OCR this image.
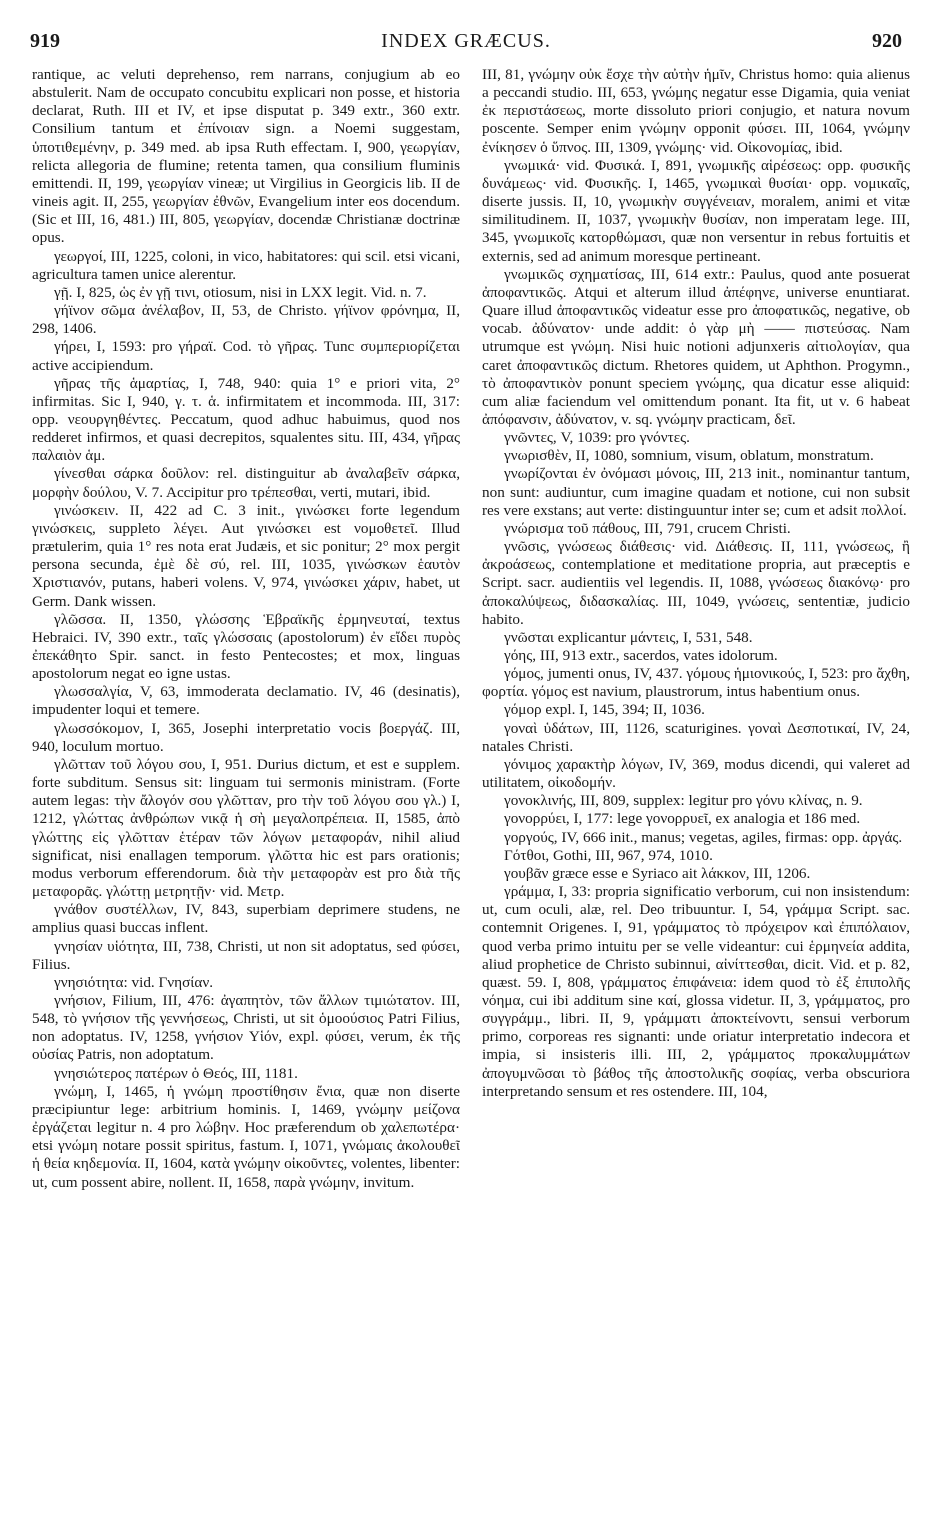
919	INDEX GRÆCUS.	920

rantique, ac veluti deprehenso, rem narrans, conjugium ab eo abstulerit. Nam de occupato concubitu explicari non posse, et historia declarat, Ruth. III et IV, et ipse disputat p. 349 extr., 360 extr. Consilium tantum et ἐπίνοιαν sign. a Noemi suggestam, ὑποτιθεμένην, p. 349 med. ab ipsa Ruth effectam. I, 900, γεωργίαν, relicta allegoria de flumine; retenta tamen, qua consilium fluminis emittendi. II, 199, γεωργίαν vineæ; ut Virgilius in Georgicis lib. II de vineis agit. II, 255, γεωργίαν ἐθνῶν, Evangelium inter eos docendum. (Sic et III, 16, 481.) III, 805, γεωργίαν, docendæ Christianæ doctrinæ opus.

γεωργοί, III, 1225, coloni, in vico, habitatores: qui scil. etsi vicani, agricultura tamen unice alerentur.

γῇ. I, 825, ὡς ἐν γῇ τινι, otiosum, nisi in LXX legit. Vid. n. 7.

γήϊνον σῶμα ἀνέλαβον, II, 53, de Christo. γήϊνον φρόνημα, II, 298, 1406.

γήρει, I, 1593: pro γήραϊ. Cod. τὸ γῆρας. Tunc συμπεριορίζεται active accipiendum.

γῆρας τῆς ἁμαρτίας, I, 748, 940: quia 1° e priori vita, 2° infirmitas. Sic I, 940, γ. τ. ἁ. infirmitatem et incommoda. III, 317: opp. νεουργηθέντες. Peccatum, quod adhuc habuimus, quod nos redderet infirmos, et quasi decrepitos, squalentes situ. III, 434, γῆρας παλαιὸν ἁμ.

γίνεσθαι σάρκα δοῦλον: rel. distinguitur ab ἀναλαβεῖν σάρκα, μορφὴν δούλου, V. 7. Accipitur pro τρέπεσθαι, verti, mutari, ibid.

γινώσκειν. II, 422 ad C. 3 init., γινώσκει forte legendum γινώσκεις, suppleto λέγει. Aut γινώσκει est νομοθετεῖ. Illud prætulerim, quia 1° res nota erat Judæis, et sic ponitur; 2° mox pergit persona secunda, ἐμὲ δὲ σύ, rel. III, 1035, γινώσκων ἑαυτὸν Χριστιανόν, putans, haberi volens. V, 974, γινώσκει χάριν, habet, ut Germ. Dank wissen.

γλῶσσα. II, 1350, γλώσσης Ἑβραϊκῆς ἑρμηνευταί, textus Hebraici. IV, 390 extr., ταῖς γλώσσαις (apostolorum) ἐν εἴδει πυρὸς ἐπεκάθητο Spir. sanct. in festo Pentecostes; et mox, linguas apostolorum negat eo igne ustas.

γλωσσαλγία, V, 63, immoderata declamatio. IV, 46 (desinatis), impudenter loqui et temere.

γλωσσόκομον, I, 365, Josephi interpretatio vocis βοεργάζ. III, 940, loculum mortuo.

γλῶτταν τοῦ λόγου σου, I, 951. Durius dictum, et est e supplem. forte subditum. Sensus sit: linguam tui sermonis ministram. (Forte autem legas: τὴν ἄλογόν σου γλῶτταν, pro τὴν τοῦ λόγου σου γλ.) I, 1212, γλώττας ἀνθρώπων νικᾷ ἡ σὴ μεγαλοπρέπεια. II, 1585, ἀπὸ γλώττης εἰς γλῶτταν ἑτέραν τῶν λόγων μεταφοράν, nihil aliud significat, nisi enallagen temporum. γλῶττα hic est pars orationis; modus verborum efferendorum. διὰ τὴν μεταφορὰν est pro διὰ τῆς μεταφορᾶς. γλώττῃ μετρητῇν· vid. Μετρ.

γνάθον συστέλλων, IV, 843, superbiam deprimere studens, ne amplius quasi buccas inflent.

γνησίαν υἱότητα, III, 738, Christi, ut non sit adoptatus, sed φύσει, Filius.

γνησιότητα: vid. Γνησίαν.

γνήσιον, Filium, III, 476: ἀγαπητὸν, τῶν ἄλλων τιμιώτατον. III, 548, τὸ γνήσιον τῆς γεννήσεως, Christi, ut sit ὁμοούσιος Patri Filius, non adoptatus. IV, 1258, γνήσιον Υἱόν, expl. φύσει, verum, ἐκ τῆς οὐσίας Patris, non adoptatum.

γνησιώτερος πατέρων ὁ Θεός, III, 1181.

γνώμη, I, 1465, ἡ γνώμη προστίθησιν ἔνια, quæ non diserte præcipiuntur lege: arbitrium hominis. I, 1469, γνώμην μείζονα ἐργάζεται legitur n. 4 pro λώβην. Hoc præferendum ob χαλεπωτέρα· etsi γνώμη notare possit spiritus, fastum. I, 1071, γνώμαις ἀκολουθεῖ ἡ θεία κηδεμονία. II, 1604, κατὰ γνώμην οἰκοῦντες, volentes, libenter: ut, cum possent abire, nollent. II, 1658, παρὰ γνώμην, invitum.

III, 81, γνώμην οὐκ ἔσχε τὴν αὐτὴν ἡμῖν, Christus homo: quia alienus a peccandi studio. III, 653, γνώμης negatur esse Digamia, quia veniat ἐκ περιστάσεως, morte dissoluto priori conjugio, et natura novum poscente. Semper enim γνώμην opponit φύσει. III, 1064, γνώμην ἐνίκησεν ὁ ὕπνος. III, 1309, γνώμης· vid. Οἰκονομίας, ibid.

γνωμικά· vid. Φυσικά. I, 891, γνωμικῆς αἱρέσεως: opp. φυσικῆς δυνάμεως· vid. Φυσικῆς. I, 1465, γνωμικαὶ θυσίαι· opp. νομικαῖς, diserte jussis. II, 10, γνωμικὴν συγγένειαν, moralem, animi et vitæ similitudinem. II, 1037, γνωμικὴν θυσίαν, non imperatam lege. III, 345, γνωμικοῖς κατορθώμασι, quæ non versentur in rebus fortuitis et externis, sed ad animum moresque pertineant.

γνωμικῶς σχηματίσας, III, 614 extr.: Paulus, quod ante posuerat ἀποφαντικῶς. Atqui et alterum illud ἀπέφηνε, universe enuntiarat. Quare illud ἀποφαντικῶς videatur esse pro ἀποφατικῶς, negative, ob vocab. ἀδύνατον· unde addit: ὁ γὰρ μὴ —— πιστεύσας. Nam utrumque est γνώμη. Nisi huic notioni adjunxeris αἰτιολογίαν, qua caret ἀποφαντικῶς dictum. Rhetores quidem, ut Aphthon. Progymn., τὸ ἀποφαντικὸν ponunt speciem γνώμης, qua dicatur esse aliquid: cum aliæ faciendum vel omittendum ponant. Ita fit, ut v. 6 habeat ἀπόφανσιν, ἀδύνατον, v. sq. γνώμην practicam, δεῖ.

γνῶντες, V, 1039: pro γνόντες.

γνωρισθὲν, II, 1080, somnium, visum, oblatum, monstratum.

γνωρίζονται ἐν ὀνόμασι μόνοις, III, 213 init., nominantur tantum, non sunt: audiuntur, cum imagine quadam et notione, cui non subsit res vere exstans; aut verte: distinguuntur inter se; cum et adsit πολλοί.

γνώρισμα τοῦ πάθους, III, 791, crucem Christi.

γνῶσις, γνώσεως διάθεσις· vid. Διάθεσις. II, 111, γνώσεως, ἢ ἀκροάσεως, contemplatione et meditatione propria, aut præceptis e Script. sacr. audientiis vel legendis. II, 1088, γνώσεως διακόνῳ· pro ἀποκαλύψεως, διδασκαλίας. III, 1049, γνώσεις, sententiæ, judicio habito.

γνῶσται explicantur μάντεις, I, 531, 548.

γόης, III, 913 extr., sacerdos, vates idolorum.

γόμος, jumenti onus, IV, 437. γόμους ἡμιονικούς, I, 523: pro ἄχθη, φορτία. γόμος est navium, plaustrorum, intus habentium onus.

γόμορ expl. I, 145, 394; II, 1036.

γοναὶ ὑδάτων, III, 1126, scaturigines. γοναὶ Δεσποτικαί, IV, 24, natales Christi.

γόνιμος χαρακτὴρ λόγων, IV, 369, modus dicendi, qui valeret ad utilitatem, οἰκοδομήν.

γονοκλινής, III, 809, supplex: legitur pro γόνυ κλίνας, n. 9.

γονορρύει, I, 177: lege γονορρυεῖ, ex analogia et 186 med.

γοργούς, IV, 666 init., manus; vegetas, agiles, firmas: opp. ἀργάς.

Γότθοι, Gothi, III, 967, 974, 1010.

γουβᾶν græce esse e Syriaco ait λάκκον, III, 1206.

γράμμα, I, 33: propria significatio verborum, cui non insistendum: ut, cum oculi, alæ, rel. Deo tribuuntur. I, 54, γράμμα Script. sac. contemnit Origenes. I, 91, γράμματος τὸ πρόχειρον καὶ ἐπιπόλαιον, quod verba primo intuitu per se velle videantur: cui ἑρμηνεία addita, aliud prophetice de Christo subinnui, αἰνίττεσθαι, dicit. Vid. et p. 82, quæst. 59. I, 808, γράμματος ἐπιφάνεια: idem quod τὸ ἐξ ἐπιπολῆς νόημα, cui ibi additum sine καί, glossa videtur. II, 3, γράμματος, pro συγγράμμ., libri. II, 9, γράμματι ἀποκτείνοντι, sensui verborum primo, corporeas res signanti: unde oriatur interpretatio indecora et impia, si insisteris illi. III, 2, γράμματος προκαλυμμάτων ἀπογυμνῶσαι τὸ βάθος τῆς ἀποστολικῆς σοφίας, verba obscuriora interpretando sensum et res ostendere. III, 104,
